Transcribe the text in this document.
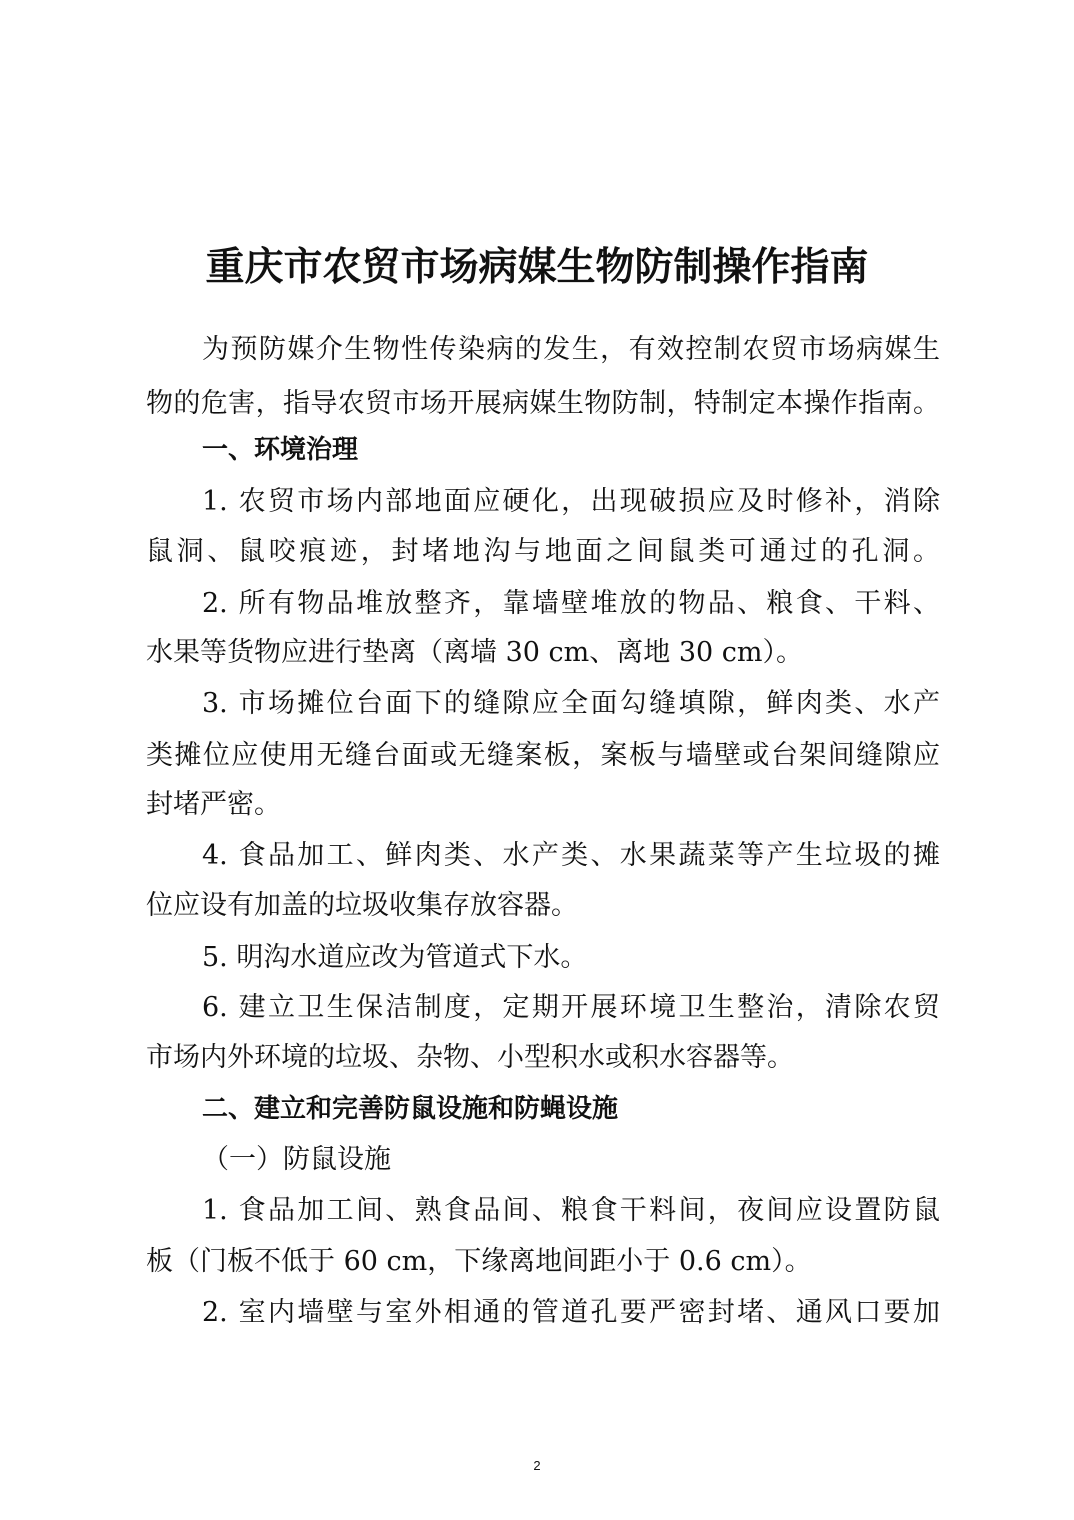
重庆市农贸市场病媒生物防制操作指南
为预防媒介生物性传染病的发生，有效控制农贸市场病媒生
物的危害，指导农贸市场开展病媒生物防制，特制定本操作指南。
一、环境治理
1. 农贸市场内部地面应硬化，出现破损应及时修补，消除
鼠洞、鼠咬痕迹，封堵地沟与地面之间鼠类可通过的孔洞。
2. 所有物品堆放整齐，靠墙壁堆放的物品、粮食、干料、
水果等货物应进行垫离（离墙 30 cm、离地 30 cm）。
3. 市场摊位台面下的缝隙应全面勾缝填隙，鲜肉类、水产
类摊位应使用无缝台面或无缝案板，案板与墙壁或台架间缝隙应
封堵严密。
4. 食品加工、鲜肉类、水产类、水果蔬菜等产生垃圾的摊
位应设有加盖的垃圾收集存放容器。
5. 明沟水道应改为管道式下水。
6. 建立卫生保洁制度，定期开展环境卫生整治，清除农贸
市场内外环境的垃圾、杂物、小型积水或积水容器等。
二、建立和完善防鼠设施和防蝇设施
（一）防鼠设施
1. 食品加工间、熟食品间、粮食干料间，夜间应设置防鼠
板（门板不低于 60 cm，下缘离地间距小于 0.6 cm）。
2. 室内墙壁与室外相通的管道孔要严密封堵、通风口要加
2
